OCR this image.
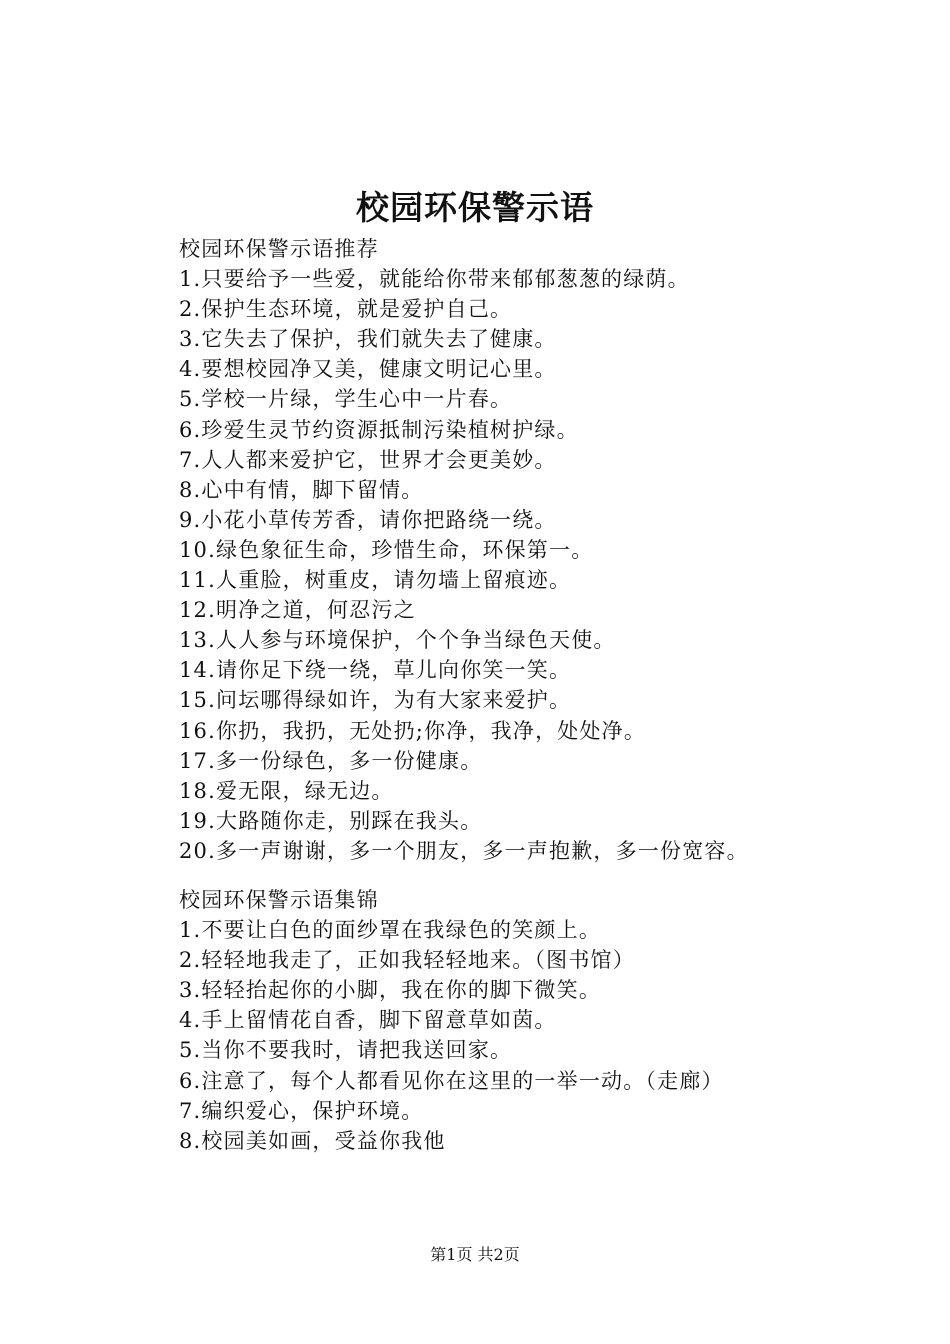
校园环保警示语
校园环保警示语推荐
1.只要给予一些爱，就能给你带来郁郁葱葱的绿荫。
2.保护生态环境，就是爱护自己。
3.它失去了保护，我们就失去了健康。
4.要想校园净又美，健康文明记心里。
5.学校一片绿，学生心中一片春。
6.珍爱生灵节约资源抵制污染植树护绿。
7.人人都来爱护它，世界才会更美妙。
8.心中有情，脚下留情。
9.小花小草传芳香，请你把路绕一绕。
10.绿色象征生命，珍惜生命，环保第一。
11.人重脸，树重皮，请勿墙上留痕迹。
12.明净之道，何忍污之
13.人人参与环境保护，个个争当绿色天使。
14.请你足下绕一绕，草儿向你笑一笑。
15.问坛哪得绿如许，为有大家来爱护。
16.你扔，我扔，无处扔;你净，我净，处处净。
17.多一份绿色，多一份健康。
18.爱无限，绿无边。
19.大路随你走，别踩在我头。
20.多一声谢谢，多一个朋友，多一声抱歉，多一份宽容。
校园环保警示语集锦
1.不要让白色的面纱罩在我绿色的笑颜上。
2.轻轻地我走了，正如我轻轻地来。（图书馆）
3.轻轻抬起你的小脚，我在你的脚下微笑。
4.手上留情花自香，脚下留意草如茵。
5.当你不要我时，请把我送回家。
6.注意了，每个人都看见你在这里的一举一动。（走廊）
7.编织爱心，保护环境。
8.校园美如画，受益你我他
第1页 共2页
